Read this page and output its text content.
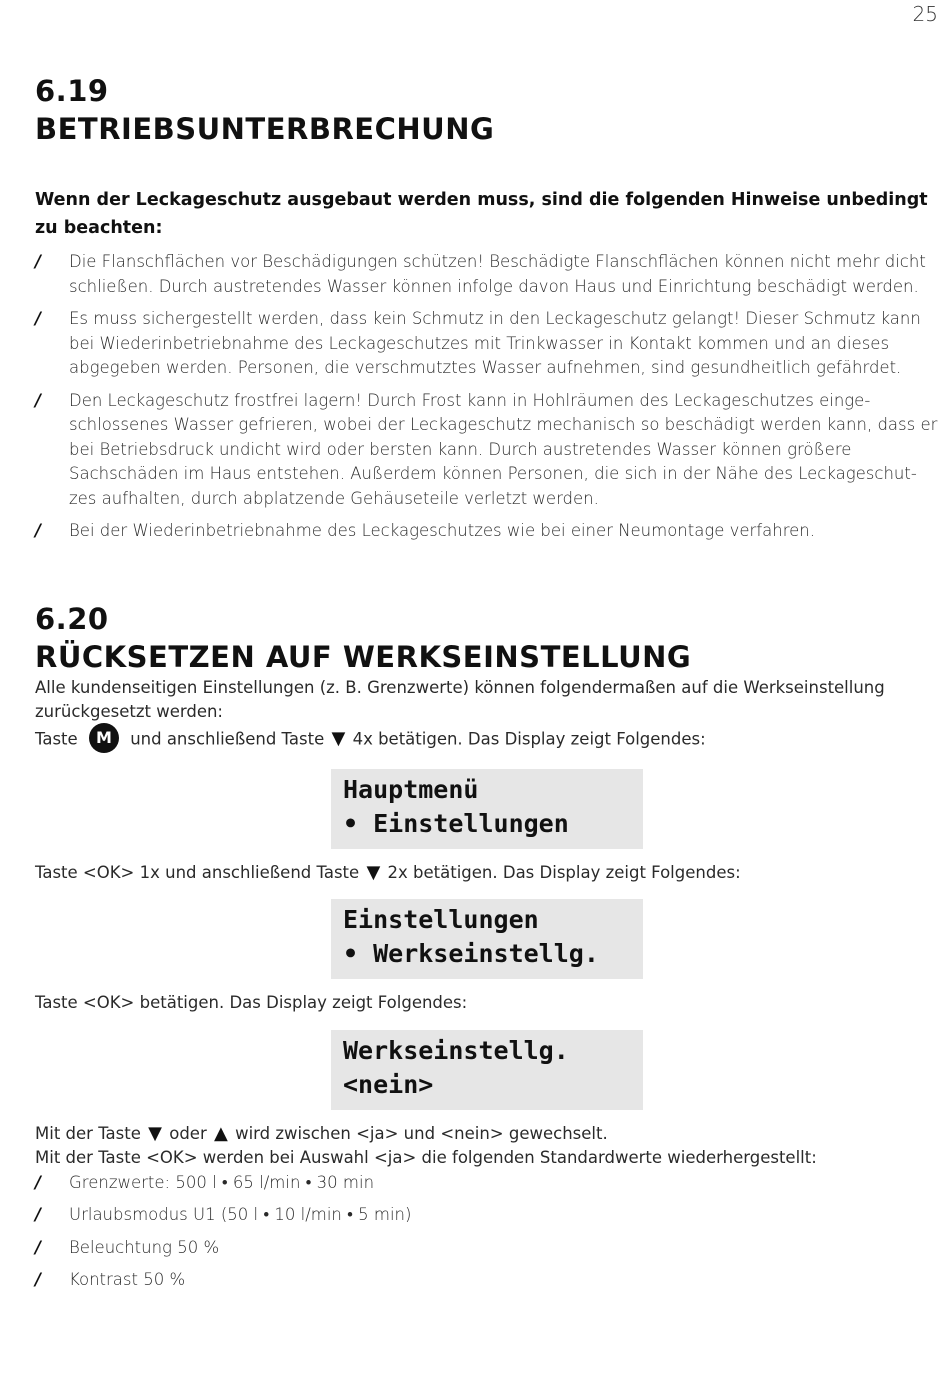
25
6.19
BETRIEBSUNTERBRECHUNG

Wenn der Leckageschutz ausgebaut werden muss, sind die folgenden Hinweise unbedingt zu beachten:

/ Die Flanschflächen vor Beschädigungen schützen! Beschädigte Flanschflächen können nicht mehr dicht schließen. Durch austretendes Wasser können infolge davon Haus und Einrichtung beschädigt werden.
/ Es muss sichergestellt werden, dass kein Schmutz in den Leckageschutz gelangt! Dieser Schmutz kann bei Wiederinbetriebnahme des Leckageschutzes mit Trinkwasser in Kontakt kommen und an dieses abgegeben werden. Personen, die verschmutztes Wasser aufnehmen, sind gesundheitlich gefährdet.
/ Den Leckageschutz frostfrei lagern! Durch Frost kann in Hohlräumen des Leckageschutzes einge- schlossenes Wasser gefrieren, wobei der Leckageschutz mechanisch so beschädigt werden kann, dass er bei Betriebsdruck undicht wird oder bersten kann. Durch austretendes Wasser können größere Sachschäden im Haus entstehen. Außerdem können Personen, die sich in der Nähe des Leckageschut- zes aufhalten, durch abplatzende Gehäuseteile verletzt werden.
/ Bei der Wiederinbetriebnahme des Leckageschutzes wie bei einer Neumontage verfahren.
6.20
RÜCKSETZEN AUF WERKSEINSTELLUNG

Alle kundenseitigen Einstellungen (z. B. Grenzwerte) können folgendermaßen auf die Werkseinstellung zurückgesetzt werden:

Taste M und anschließend Taste ▼ 4x betätigen. Das Display zeigt Folgendes:

Hauptmenü
• Einstellungen

Taste <OK> 1x und anschließend Taste ▼ 2x betätigen. Das Display zeigt Folgendes:

Einstellungen
• Werkseinstellg.

Taste <OK> betätigen. Das Display zeigt Folgendes:

Werkseinstellg.
<nein>

Mit der Taste ▼ oder ▲ wird zwischen <ja> und <nein> gewechselt.

Mit der Taste <OK> werden bei Auswahl <ja> die folgenden Standardwerte wiederhergestellt:

/ Grenzwerte: 500 l • 65 l/min • 30 min
/ Urlaubsmodus U1 (50 l • 10 l/min • 5 min)
/ Beleuchtung 50 %
/ Kontrast 50 %
